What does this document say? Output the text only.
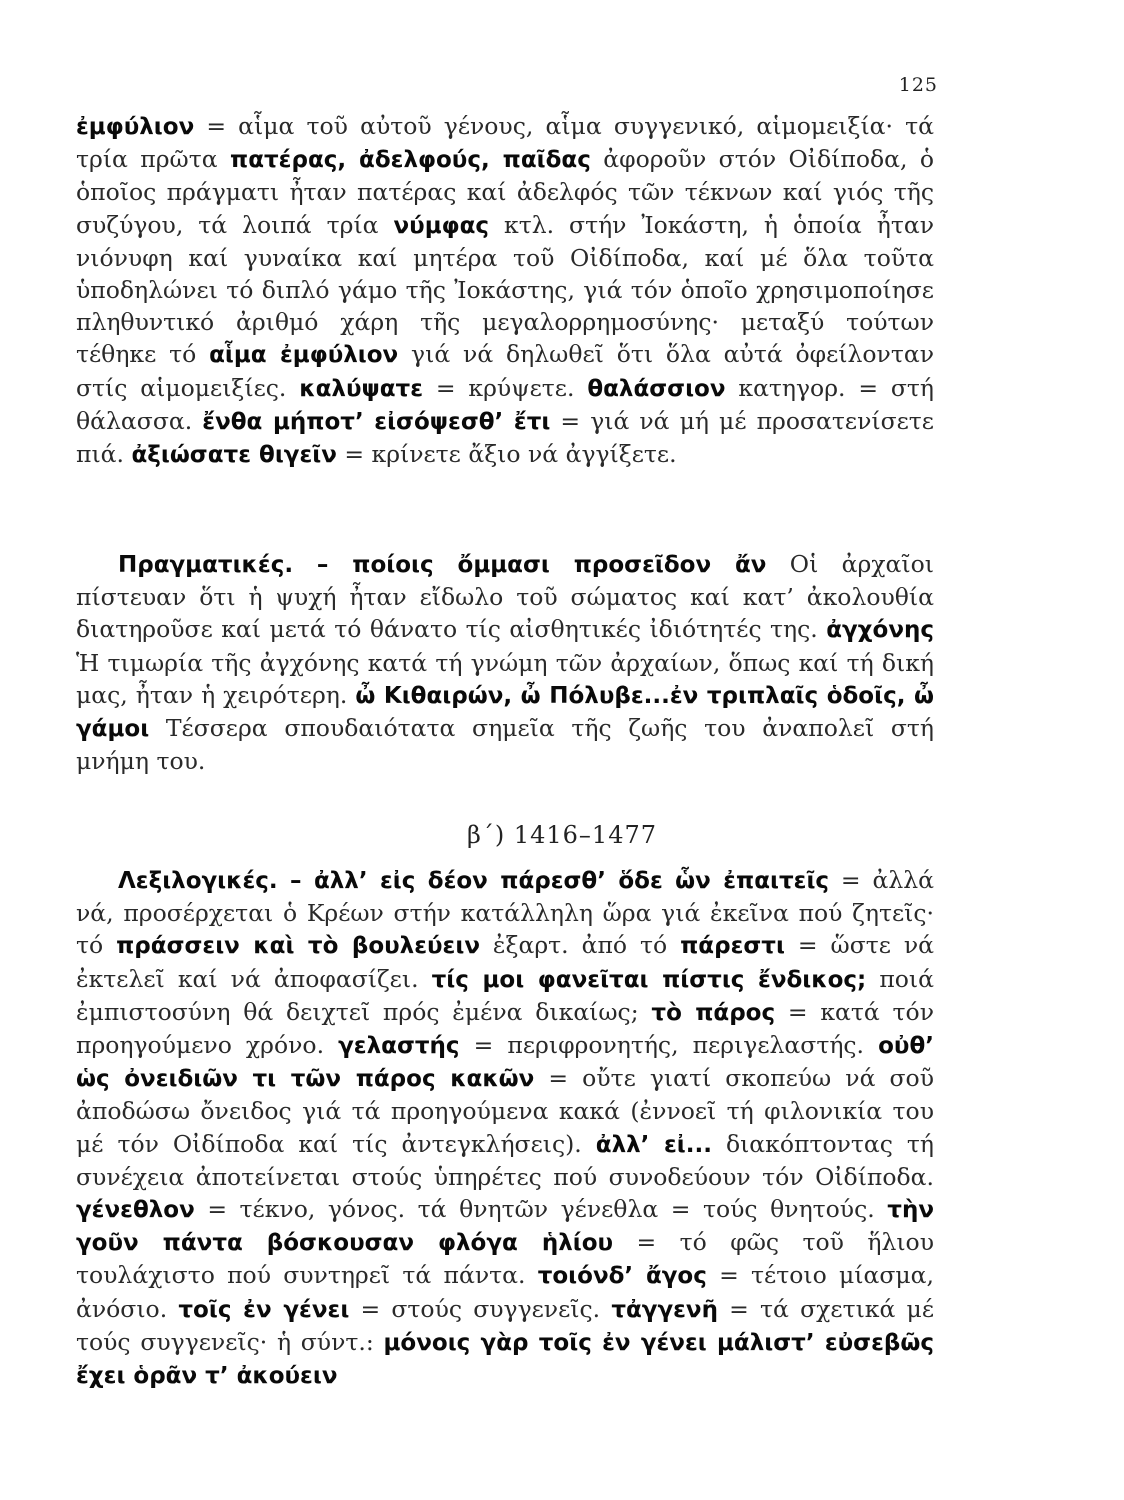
125
ἐμφύλιον = αἷμα τοῦ αὐτοῦ γένους, αἷμα συγγενικό, αἱμομειξία· τά τρία πρῶτα πατέρας, ἀδελφούς, παῖδας ἀφοροῦν στόν Οἰδίποδα, ὁ ὁποῖος πράγματι ἦταν πατέρας καί ἀδελφός τῶν τέκνων καί γιός τῆς συζύγου, τά λοιπά τρία νύμφας κτλ. στήν Ἰοκάστη, ἡ ὁποία ἦταν νιόνυφη καί γυναίκα καί μητέρα τοῦ Οἰδίποδα, καί μέ ὅλα τοῦτα ὑποδηλώνει τό διπλό γάμο τῆς Ἰοκάστης, γιά τόν ὁποῖο χρησιμοποίησε πληθυντικό ἀριθμό χάρη τῆς μεγαλορρημοσύνης· μεταξύ τούτων τέθηκε τό αἷμα ἐμφύλιον γιά νά δηλωθεῖ ὅτι ὅλα αὐτά ὀφείλονταν στίς αἱμομειξίες. καλύψατε = κρύψετε. θαλάσσιον κατηγορ. = στή θάλασσα. ἔνθα μήποτ’ εἰσόψεσθ’ ἔτι = γιά νά μή μέ προσατενίσετε πιά. ἀξιώσατε θιγεῖν = κρίνετε ἄξιο νά ἀγγίξετε.
Πραγματικές. – ποίοις ὄμμασι προσεῖδον ἄν Οἱ ἀρχαῖοι πίστευαν ὅτι ἡ ψυχή ἦταν εἴδωλο τοῦ σώματος καί κατ’ ἀκολουθία διατηροῦσε καί μετά τό θάνατο τίς αἰσθητικές ἰδιότητές της. ἀγχόνης Ἡ τιμωρία τῆς ἀγχόνης κατά τή γνώμη τῶν ἀρχαίων, ὅπως καί τή δική μας, ἦταν ἡ χειρότερη. ὦ Κιθαιρών, ὦ Πόλυβε...ἐν τριπλαῖς ὁδοῖς, ὦ γάμοι Τέσσερα σπουδαιότατα σημεῖα τῆς ζωῆς του ἀναπολεῖ στή μνήμη του.
β΄) 1416–1477
Λεξιλογικές. – ἀλλ’ εἰς δέον πάρεσθ’ ὅδε ὧν ἐπαιτεῖς = ἀλλά νά, προσέρχεται ὁ Κρέων στήν κατάλληλη ὥρα γιά ἐκεῖνα πού ζητεῖς· τό πράσσειν καὶ τὸ βουλεύειν ἐξαρτ. ἀπό τό πάρεστι = ὥστε νά ἐκτελεῖ καί νά ἀποφασίζει. τίς μοι φανεῖται πίστις ἔνδικος; ποιά ἐμπιστοσύνη θά δειχτεῖ πρός ἐμένα δικαίως; τὸ πάρος = κατά τόν προηγούμενο χρόνο. γελαστής = περιφρονητής, περιγελαστής. οὐθ’ ὡς ὀνειδιῶν τι τῶν πάρος κακῶν = οὔτε γιατί σκοπεύω νά σοῦ ἀποδώσω ὄνειδος γιά τά προηγούμενα κακά (ἐννοεῖ τή φιλονικία του μέ τόν Οἰδίποδα καί τίς ἀντεγκλήσεις). ἀλλ’ εἰ... διακόπτοντας τή συνέχεια ἀποτείνεται στούς ὑπηρέτες πού συνοδεύουν τόν Οἰδίποδα. γένεθλον = τέκνο, γόνος. τά θνητῶν γένεθλα = τούς θνητούς. τὴν γοῦν πάντα βόσκουσαν φλόγα ἡλίου = τό φῶς τοῦ ἥλιου τουλάχιστο πού συντηρεῖ τά πάντα. τοιόνδ’ ἄγος = τέτοιο μίασμα, ἀνόσιο. τοῖς ἐν γένει = στούς συγγενεῖς. τἀγγενῆ = τά σχετικά μέ τούς συγγενεῖς· ἡ σύντ.: μόνοις γὰρ τοῖς ἐν γένει μάλιστ’ εὐσεβῶς ἔχει ὁρᾶν τ’ ἀκούειν
